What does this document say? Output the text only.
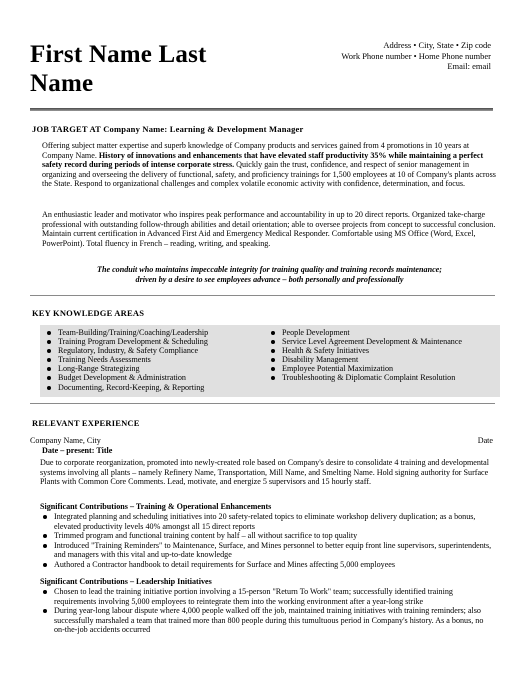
First Name Last
Name
Address • City, State • Zip code
Work Phone number • Home Phone number
Email: email
JOB TARGET AT Company Name: Learning & Development Manager
Offering subject matter expertise and superb knowledge of Company products and services gained from 4 promotions in 10 years at Company Name. History of innovations and enhancements that have elevated staff productivity 35% while maintaining a perfect safety record during periods of intense corporate stress. Quickly gain the trust, confidence, and respect of senior management in organizing and overseeing the delivery of functional, safety, and proficiency trainings for 1,500 employees at 10 of Company's plants across the State. Respond to organizational challenges and complex volatile economic activity with confidence, determination, and focus.
An enthusiastic leader and motivator who inspires peak performance and accountability in up to 20 direct reports. Organized take-charge professional with outstanding follow-through abilities and detail orientation; able to oversee projects from concept to successful conclusion. Maintain current certification in Advanced First Aid and Emergency Medical Responder. Comfortable using MS Office (Word, Excel, PowerPoint). Total fluency in French – reading, writing, and speaking.
The conduit who maintains impeccable integrity for training quality and training records maintenance;
driven by a desire to see employees advance – both personally and professionally
KEY KNOWLEDGE AREAS
Team-Building/Training/Coaching/Leadership
Training Program Development & Scheduling
Regulatory, Industry, & Safety Compliance
Training Needs Assessments
Long-Range Strategizing
Budget Development & Administration
Documenting, Record-Keeping, & Reporting
People Development
Service Level Agreement Development & Maintenance
Health & Safety Initiatives
Disability Management
Employee Potential Maximization
Troubleshooting & Diplomatic Complaint Resolution
RELEVANT EXPERIENCE
Company Name, City	Date
Date – present: Title
Due to corporate reorganization, promoted into newly-created role based on Company's desire to consolidate 4 training and developmental systems involving all plants – namely Refinery Name, Transportation, Mill Name, and Smelting Name. Hold signing authority for Surface Plants with Common Core Comments. Lead, motivate, and energize 5 supervisors and 15 hourly staff.
Significant Contributions – Training & Operational Enhancements
Integrated planning and scheduling initiatives into 20 safety-related topics to eliminate workshop delivery duplication; as a bonus, elevated productivity levels 40% amongst all 15 direct reports
Trimmed program and functional training content by half – all without sacrifice to top quality
Introduced "Training Reminders" to Maintenance, Surface, and Mines personnel to better equip front line supervisors, superintendents, and managers with this vital and up-to-date knowledge
Authored a Contractor handbook to detail requirements for Surface and Mines affecting 5,000 employees
Significant Contributions – Leadership Initiatives
Chosen to lead the training initiative portion involving a 15-person "Return To Work" team; successfully identified training requirements involving 5,000 employees to reintegrate them into the working environment after a year-long strike
During year-long labour dispute where 4,000 people walked off the job, maintained training initiatives with training reminders; also successfully marshaled a team that trained more than 800 people during this tumultuous period in Company's history. As a bonus, no on-the-job accidents occurred
